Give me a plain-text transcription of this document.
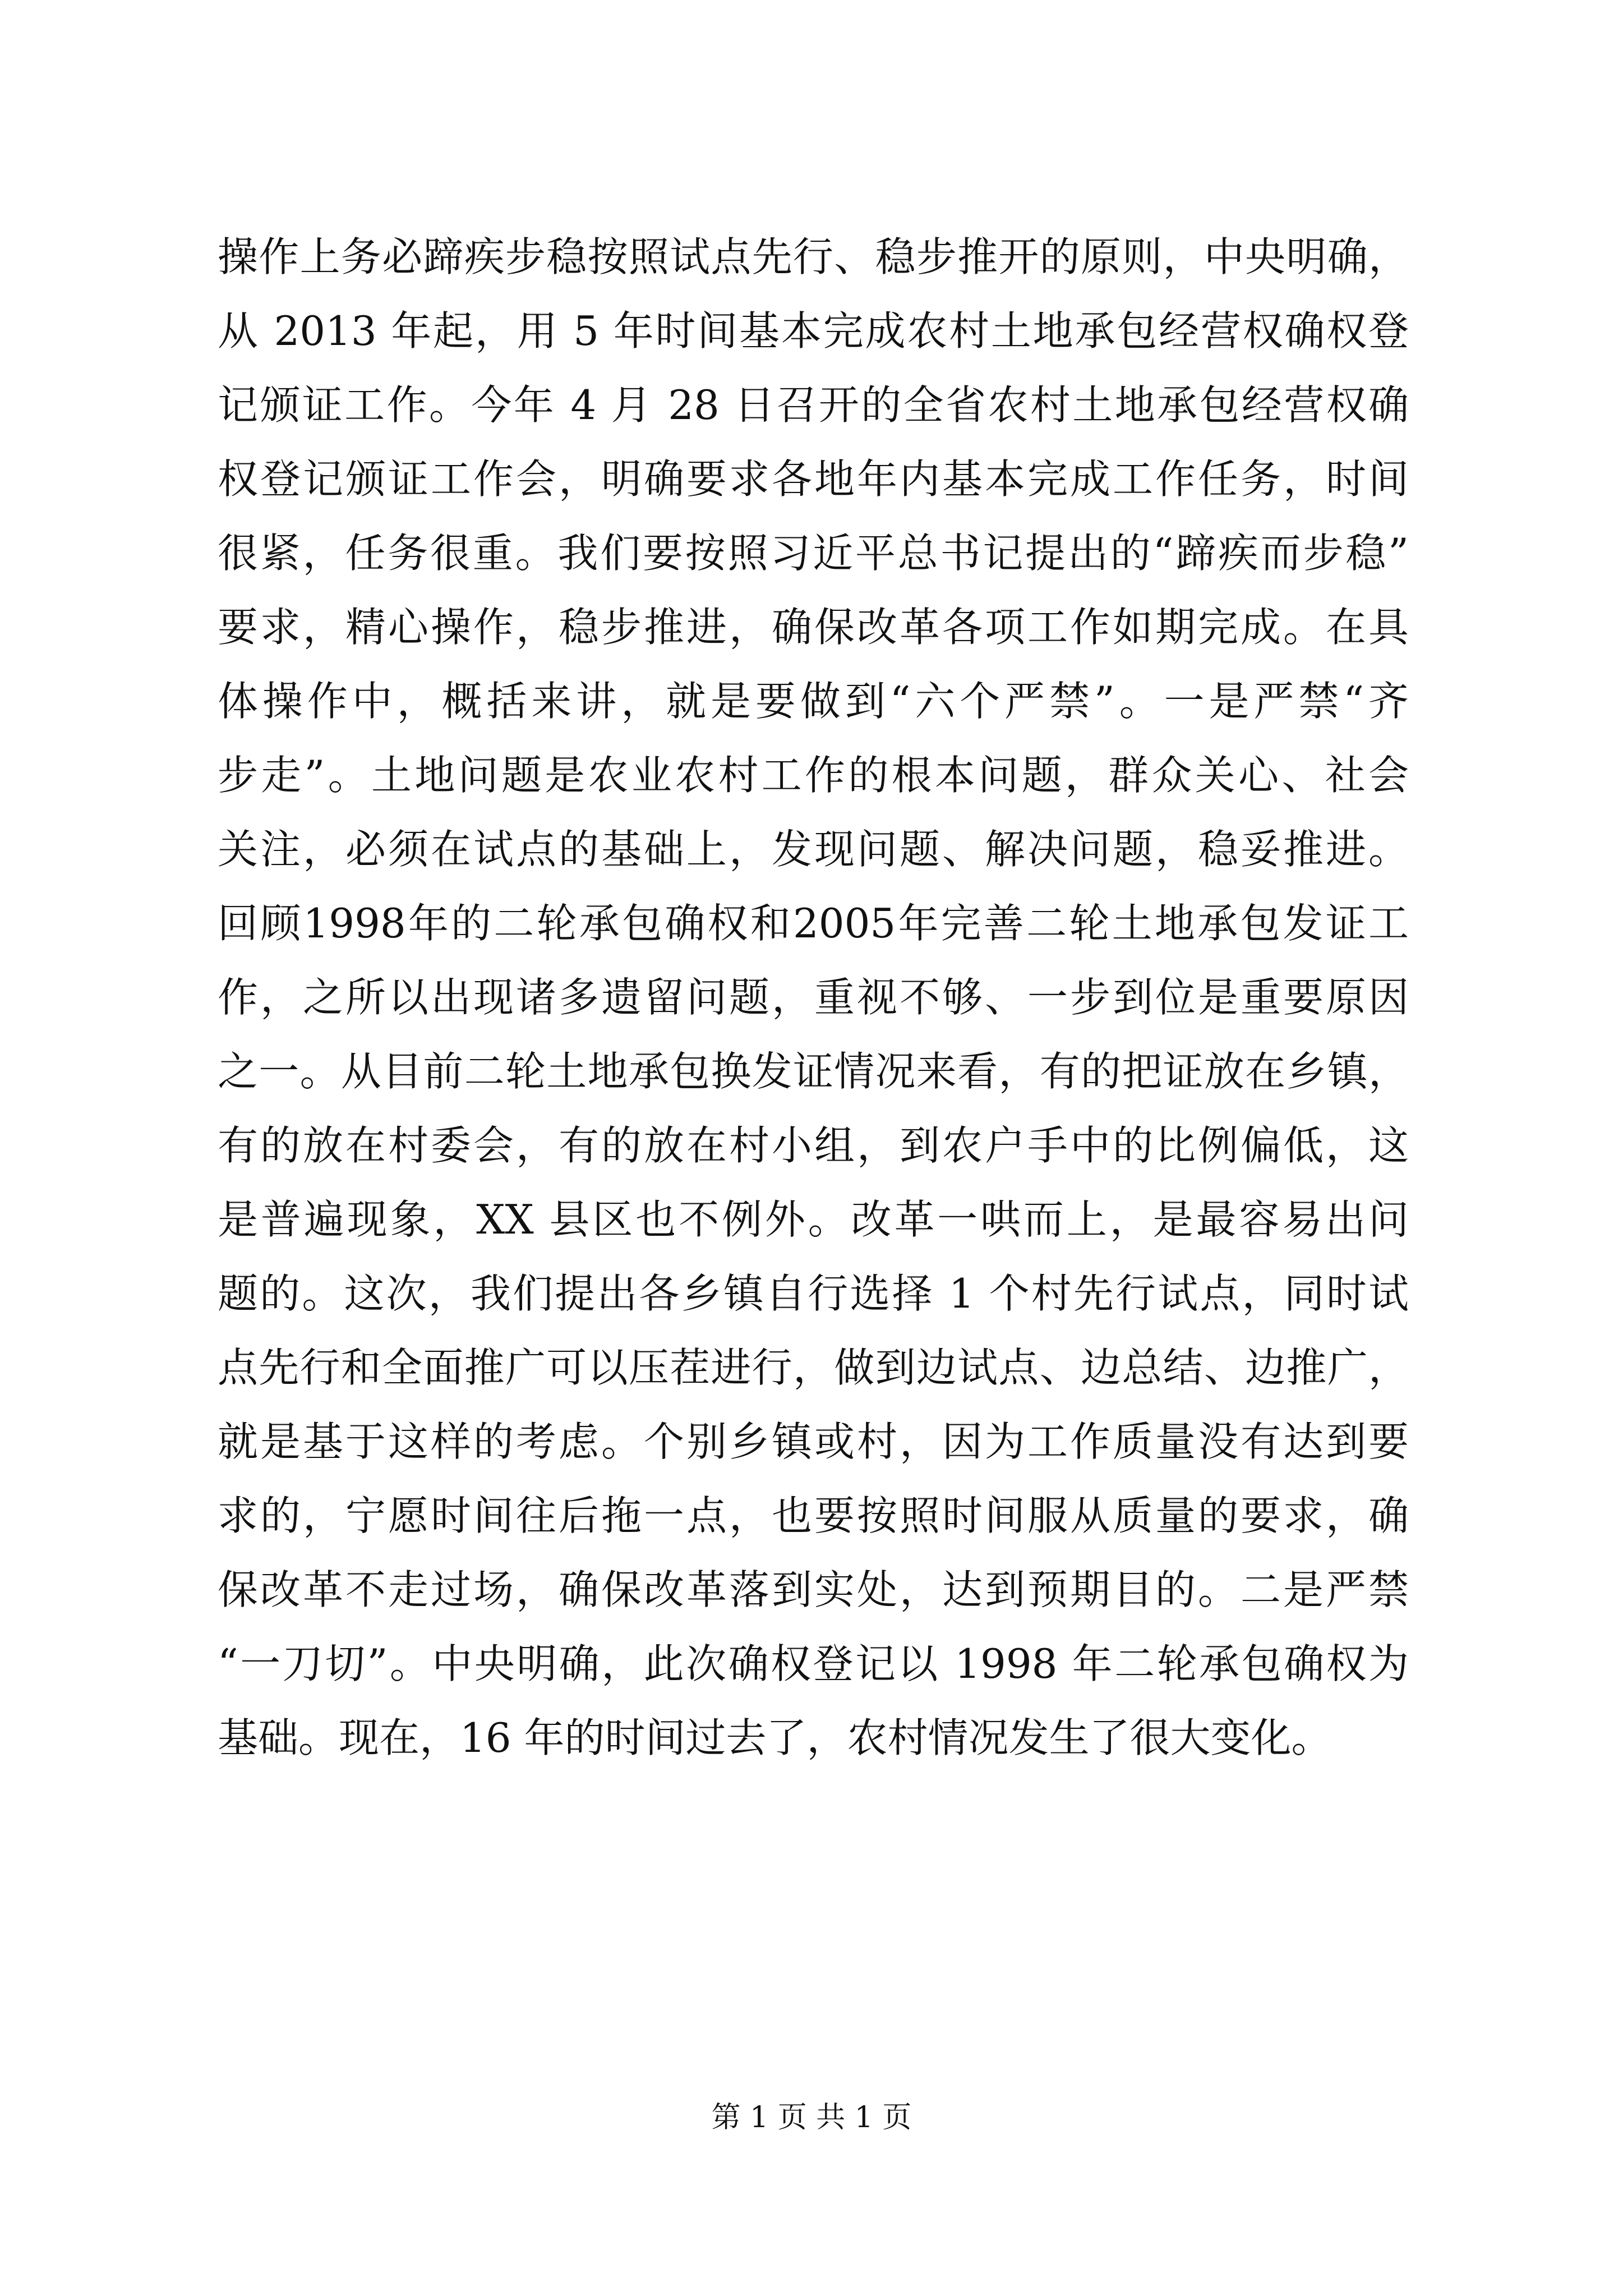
操作上务必蹄疾步稳按照试点先行、稳步推开的原则，中央明确，
从 2013 年起，用 5 年时间基本完成农村土地承包经营权确权登
记颁证工作。今年 4 月 28 日召开的全省农村土地承包经营权确
权登记颁证工作会，明确要求各地年内基本完成工作任务，时间
很紧，任务很重。我们要按照习近平总书记提出的“蹄疾而步稳”
要求，精心操作，稳步推进，确保改革各项工作如期完成。在具
体操作中，概括来讲，就是要做到“六个严禁”。一是严禁“齐
步走”。土地问题是农业农村工作的根本问题，群众关心、社会
关注，必须在试点的基础上，发现问题、解决问题，稳妥推进。
回顾1998年的二轮承包确权和2005年完善二轮土地承包发证工
作，之所以出现诸多遗留问题，重视不够、一步到位是重要原因
之一。从目前二轮土地承包换发证情况来看，有的把证放在乡镇，
有的放在村委会，有的放在村小组，到农户手中的比例偏低，这
是普遍现象，XX 县区也不例外。改革一哄而上，是最容易出问
题的。这次，我们提出各乡镇自行选择 1 个村先行试点，同时试
点先行和全面推广可以压茬进行，做到边试点、边总结、边推广，
就是基于这样的考虑。个别乡镇或村，因为工作质量没有达到要
求的，宁愿时间往后拖一点，也要按照时间服从质量的要求，确
保改革不走过场，确保改革落到实处，达到预期目的。二是严禁
“一刀切”。中央明确，此次确权登记以 1998 年二轮承包确权为
基础。现在，16 年的时间过去了，农村情况发生了很大变化。
第 1 页 共 1 页
